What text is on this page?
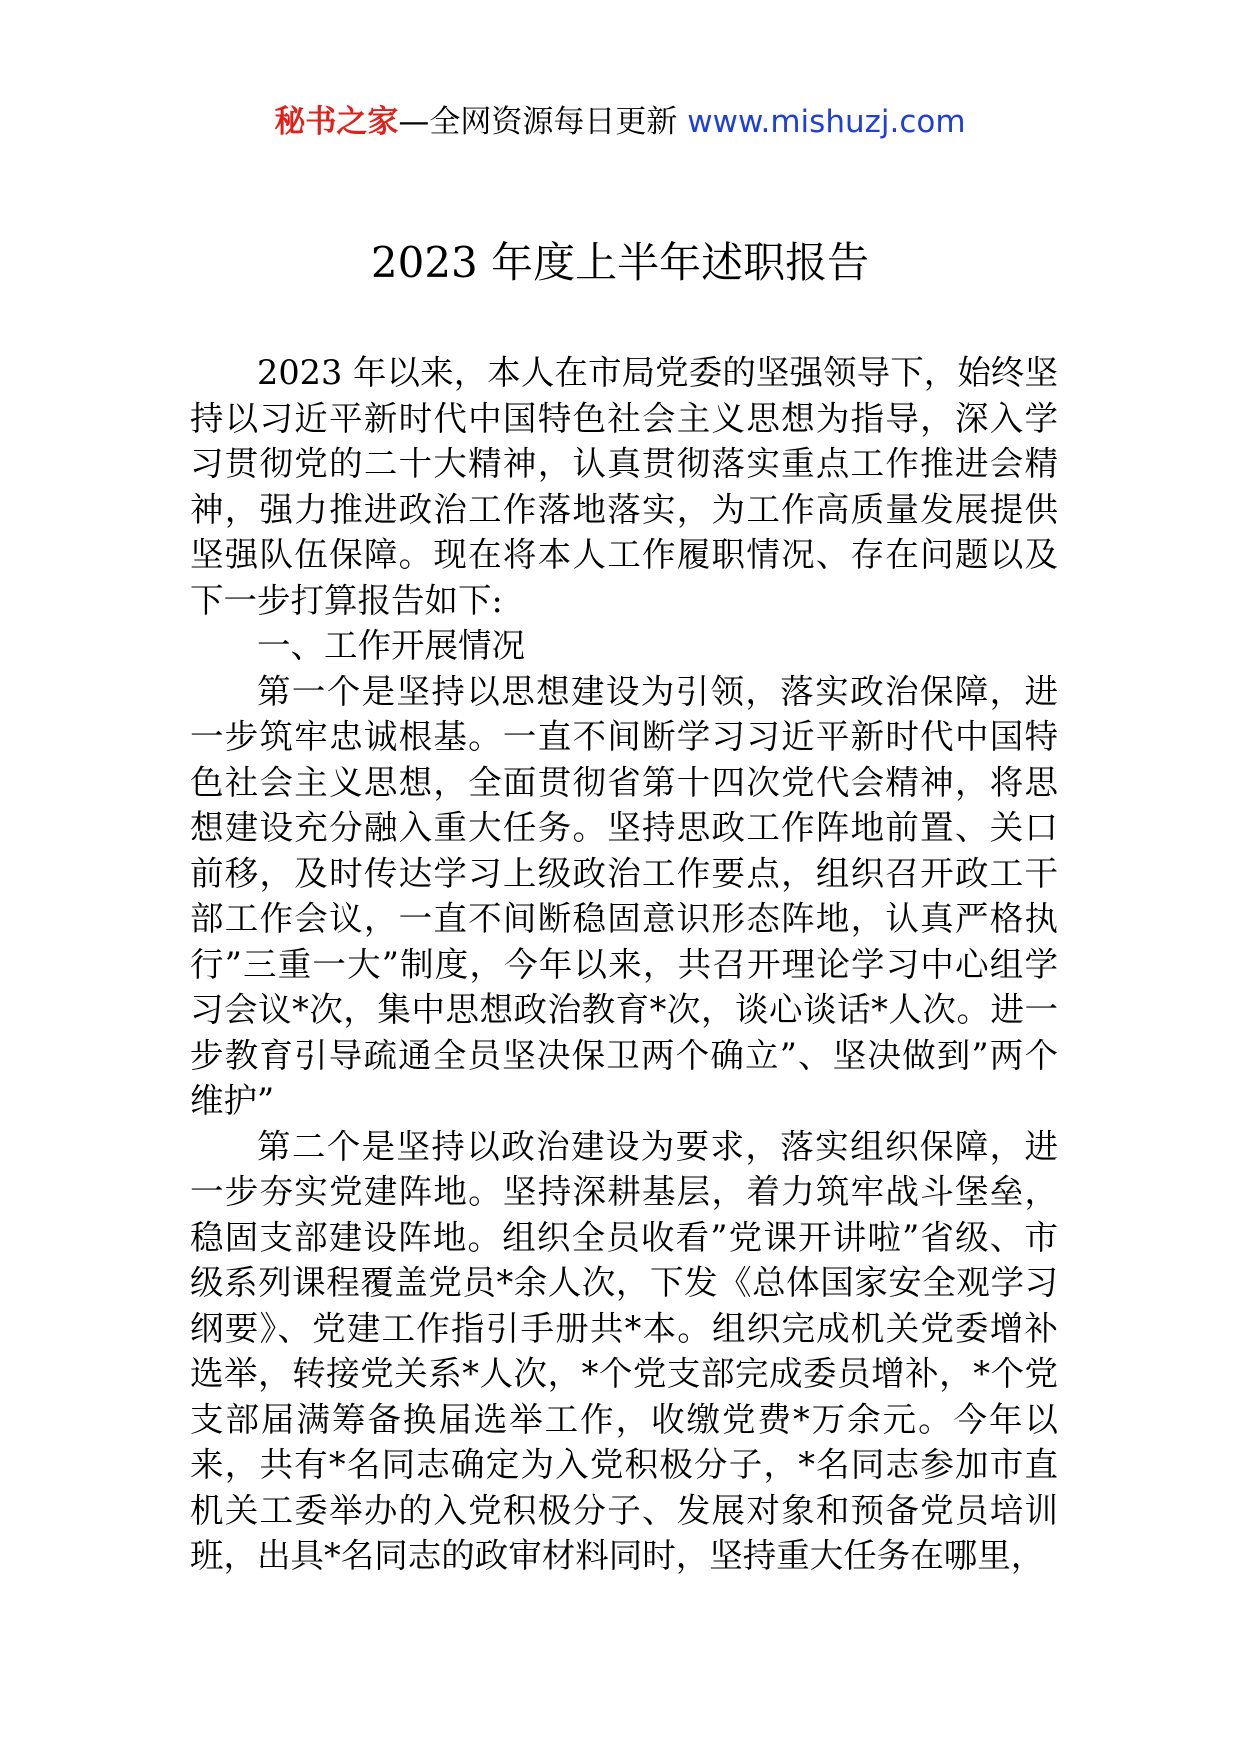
秘书之家—全网资源每日更新 www.mishuzj.com
2023 年度上半年述职报告

2023 年以来，本人在市局党委的坚强领导下，始终坚持以习近平新时代中国特色社会主义思想为指导，深入学习贯彻党的二十大精神，认真贯彻落实重点工作推进会精神，强力推进政治工作落地落实，为工作高质量发展提供坚强队伍保障。现在将本人工作履职情况、存在问题以及下一步打算报告如下:

一、工作开展情况

第一个是坚持以思想建设为引领，落实政治保障，进一步筑牢忠诚根基。一直不间断学习习近平新时代中国特色社会主义思想，全面贯彻省第十四次党代会精神，将思想建设充分融入重大任务。坚持思政工作阵地前置、关口前移，及时传达学习上级政治工作要点，组织召开政工干部工作会议，一直不间断稳固意识形态阵地，认真严格执行”三重一大”制度，今年以来，共召开理论学习中心组学习会议*次，集中思想政治教育*次，谈心谈话*人次。进一步教育引导疏通全员坚决保卫两个确立”、坚决做到”两个维护”

第二个是坚持以政治建设为要求，落实组织保障，进一步夯实党建阵地。坚持深耕基层，着力筑牢战斗堡垒，稳固支部建设阵地。组织全员收看”党课开讲啦”省级、市级系列课程覆盖党员*余人次，下发《总体国家安全观学习纲要》、党建工作指引手册共*本。组织完成机关党委增补选举，转接党关系*人次，*个党支部完成委员增补，*个党支部届满筹备换届选举工作，收缴党费*万余元。今年以来，共有*名同志确定为入党积极分子，*名同志参加市直机关工委举办的入党积极分子、发展对象和预备党员培训班，出具*名同志的政审材料同时，坚持重大任务在哪里，
